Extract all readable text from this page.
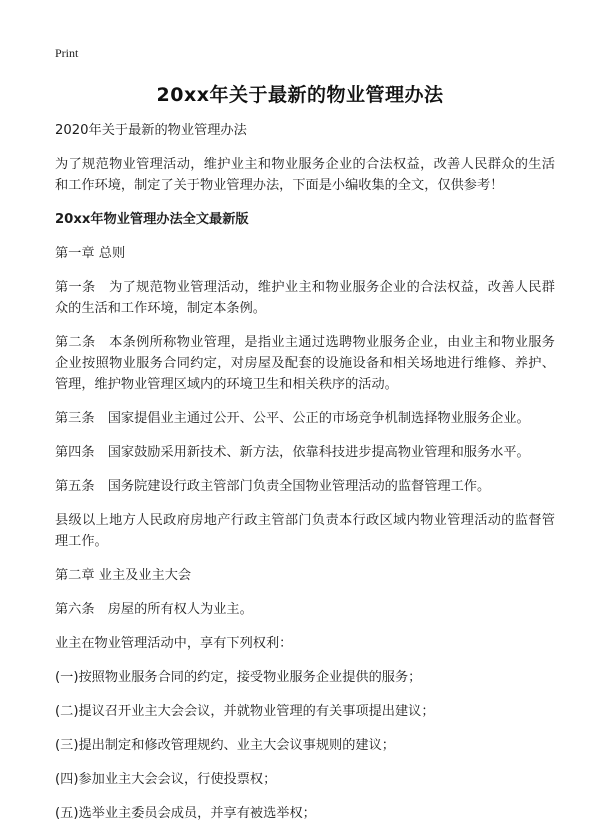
Print
20xx年关于最新的物业管理办法

2020年关于最新的物业管理办法

为了规范物业管理活动，维护业主和物业服务企业的合法权益，改善人民群众的生活和工作环境，制定了关于物业管理办法，下面是小编收集的全文，仅供参考！

20xx年物业管理办法全文最新版

第一章 总则

第一条　为了规范物业管理活动，维护业主和物业服务企业的合法权益，改善人民群众的生活和工作环境，制定本条例。

第二条　本条例所称物业管理，是指业主通过选聘物业服务企业，由业主和物业服务企业按照物业服务合同约定，对房屋及配套的设施设备和相关场地进行维修、养护、管理，维护物业管理区域内的环境卫生和相关秩序的活动。

第三条　国家提倡业主通过公开、公平、公正的市场竞争机制选择物业服务企业。

第四条　国家鼓励采用新技术、新方法，依靠科技进步提高物业管理和服务水平。

第五条　国务院建设行政主管部门负责全国物业管理活动的监督管理工作。

县级以上地方人民政府房地产行政主管部门负责本行政区域内物业管理活动的监督管理工作。

第二章 业主及业主大会

第六条　房屋的所有权人为业主。

业主在物业管理活动中，享有下列权利：

(一)按照物业服务合同的约定，接受物业服务企业提供的服务；

(二)提议召开业主大会会议，并就物业管理的有关事项提出建议；

(三)提出制定和修改管理规约、业主大会议事规则的建议；

(四)参加业主大会会议，行使投票权；

(五)选举业主委员会成员，并享有被选举权；
